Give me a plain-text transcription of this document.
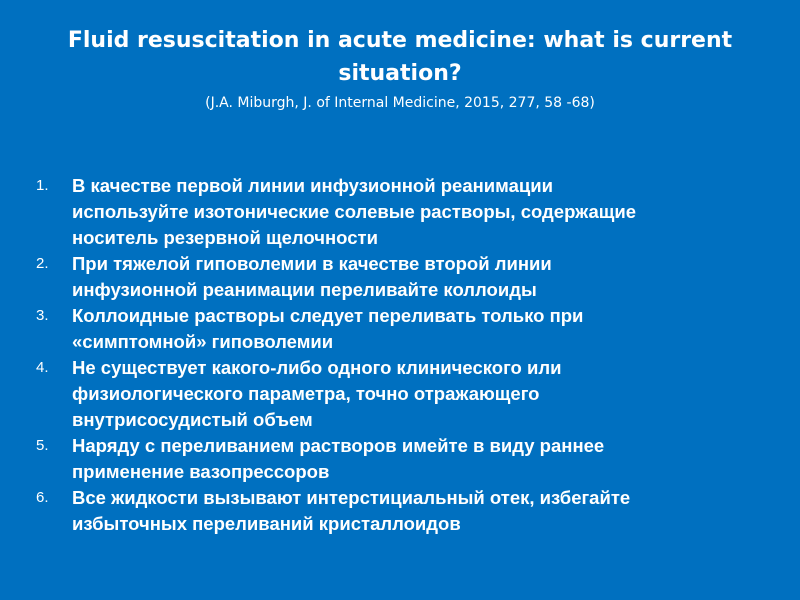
Fluid resuscitation in acute medicine: what is current situation?

(J.A. Miburgh, J. of Internal Medicine, 2015, 277, 58 -68)

1.	В качестве первой линии инфузионной реанимации
используйте изотонические солевые растворы, содержащие
носитель резервной щелочности
2.	При тяжелой гиповолемии в качестве второй линии
инфузионной реанимации переливайте коллоиды
3.	Коллоидные растворы следует переливать только при
«симптомной» гиповолемии
4.	Не существует какого-либо одного клинического или
физиологического параметра, точно отражающего
внутрисосудистый объем
5.	Наряду с переливанием растворов имейте в виду раннее
применение вазопрессоров
6.	Все жидкости вызывают интерстициальный отек, избегайте
избыточных переливаний кристаллоидов
